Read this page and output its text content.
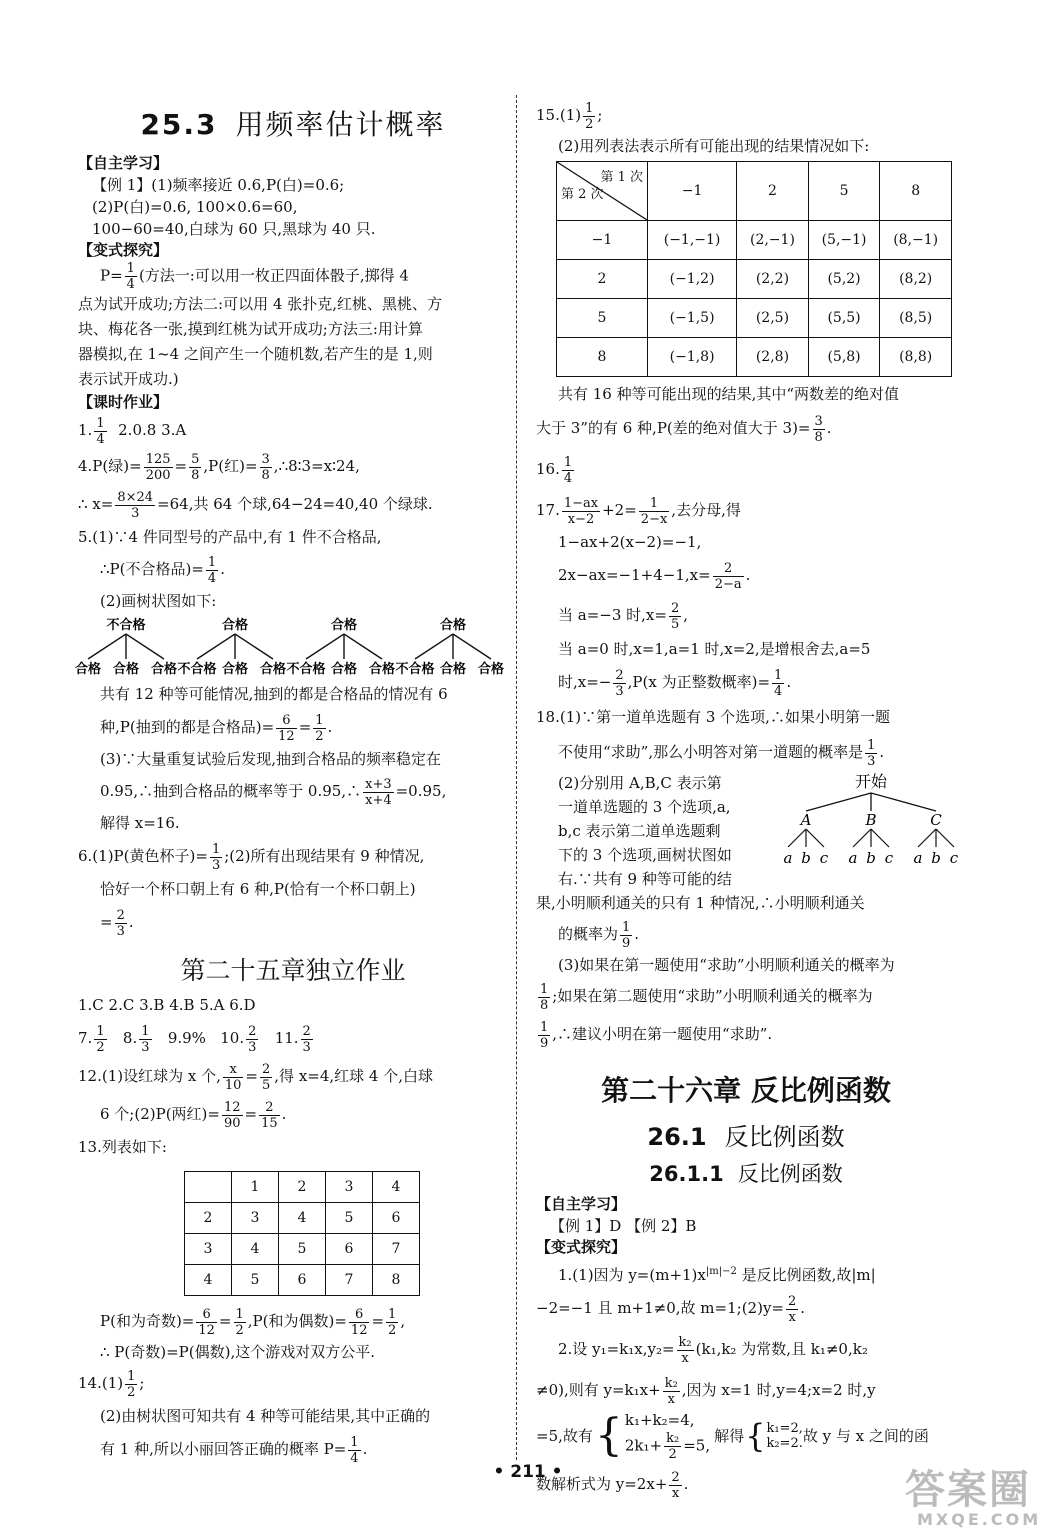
25.3 用频率估计概率
【自主学习】
【例 1】(1)频率接近 0.6,P(白)=0.6;
(2)P(白)=0.6, 100×0.6=60,
100−60=40,白球为 60 只,黑球为 40 只.
【变式探究】
$P= \frac{1}{4}$ (方法一:可以用一枚正四面体骰子,掷得 4
点为试开成功;方法二:可以用 4 张扑克,红桃、黑桃、方
块、梅花各一张,摸到红桃为试开成功;方法三:用计算
器模拟,在 1~4 之间产生一个随机数,若产生的是 1,则
表示试开成功.)
【课时作业】
1. $\frac{1}{4} 2.0.8$ 3.A
4.P(绿)= $\frac{125}{200} = \frac{5}{8} ,P$(红)= $\frac{3}{8}$ ,∴8∶3=x∶24,
∴ $x= \frac{8\times 24}{3} =64$,共 64 个球,64−24=40,40 个绿球.
5.(1)∵4 件同型号的产品中,有 1 件不合格品,
∴P(不合格品)= $\frac{1}{4}$ .
(2)画树状图如下:
不合格
合格 合格 合格
合格
不合格 合格 合格
合格
不合格 合格 合格
合格
不合格 合格 合格
共有 12 种等可能情况,抽到的都是合格品的情况有 6
种,P(抽到的都是合格品)= $\frac{6}{12} = \frac{1}{2}$ .
(3)∵大量重复试验后发现,抽到合格品的频率稳定在
0.95,∴抽到合格品的概率等于 0.95,∴ $\frac{x+3}{x+4} =0.95$,
解得 x=16.
6.(1)P(黄色杯子)= $\frac{1}{3}$ ;(2)所有出现结果有 9 种情况,
恰好一个杯口朝上有 6 种,P(恰有一个杯口朝上)
= $\frac{2}{3}$ .
第二十五章独立作业
1.C 2.C 3.B 4.B 5.A 6.D
7. $\frac{1}{2} 8$. $\frac{1}{3} 9.9\%$ 10. $\frac{2}{3} 11$. $\frac{2}{3}$
12.(1)设红球为 x 个, $\frac{x}{10} = \frac{2}{5}$ ,得 x=4,红球 4 个,白球
6 个;(2)P(两红)= $\frac{12}{90} = \frac{2}{15}$ .
13.列表如下:
	1	2	3	4
2	3	4	5	6
3	4	5	6	7
4	5	6	7	8
P(和为奇数)= $\frac{6}{12} = \frac{1}{2} ,P$(和为偶数)= $\frac{6}{12} = \frac{1}{2}$ ,
∴ P(奇数)=P(偶数),这个游戏对双方公平.
$14.(1) \frac{1}{2}$ ;
(2)由树状图可知共有 4 种等可能结果,其中正确的
有 1 种,所以小丽回答正确的概率 $P= \frac{1}{4}$ .
$15.(1) \frac{1}{2}$ ;
(2)用列表法表示所有可能出现的结果情况如下:
第 1 次
第 2 次	−1	2	5	8
−1	(−1,−1)	(2,−1)	(5,−1)	(8,−1)
2	(−1,2)	(2,2)	(5,2)	(8,2)
5	(−1,5)	(2,5)	(5,5)	(8,5)
8	(−1,8)	(2,8)	(5,8)	(8,8)
共有 16 种等可能出现的结果,其中“两数差的绝对值
大于 3”的有 6 种,P(差的绝对值大于 $3)= \frac{3}{8}$ .
16. $\frac{1}{4}$
17. $\frac{1-ax}{x-2} +2= \frac{1}{2-x}$ ,去分母,得
1−ax+2(x−2)=−1,
$2x-ax=-1+4-1,x= \frac{2}{2-a}$ .
当 a=−3 时$,x= \frac{2}{5}$ ,
当 a=0 时,x=1,a=1 时,x=2,是增根舍去,a=5
时$,x=- \frac{2}{3} ,P(x$ 为正整数概率)= $\frac{1}{4}$ .
18.(1)∵第一道单选题有 3 个选项,∴如果小明第一题
不使用“求助”,那么小明答对第一道题的概率是 $\frac{1}{3}$ .
(2)分别用 A,B,C 表示第
一道单选题的 3 个选项,a,
b,c 表示第二道单选题剩
下的 3 个选项,画树状图如
右.∵共有 9 种等可能的结
开始
A
a b c
B
a b c
C
a b c
果,小明顺利通关的只有 1 种情况,∴小明顺利通关
的概率为 $\frac{1}{9}$ .
(3)如果在第一题使用“求助”小明顺利通关的概率为
$\frac{1}{8}$ ;如果在第二题使用“求助”小明顺利通关的概率为
$\frac{1}{9}$ ,∴建议小明在第一题使用“求助”.
第二十六章 反比例函数
26.1 反比例函数
26.1.1 反比例函数
【自主学习】
【例 1】D 【例 2】B
【变式探究】
1.(1)因为 $y=(m+1)x^{|m|-2}$ 是反比例函数,故|m|
−2=−1 且 m+1≠0,故 m=1;(2)y= $\frac{2}{x}$ .
2.设 $y_1=k_1x,y_2= \frac{\text{k₂}}{x} (k_1,k_2$ 为常数,且 k₁≠0,k₂
≠0),则有 $y=k_1x+ \frac{\text{k₂}}{x}$ ,因为 x=1 时,y=4;x=2 时,y
=5,故有 { k₁+k₂=4,
$2k_1+ \frac{\text{k₂}}{2} =5$,
解得 { k₁=2,
k₂=2. 故 y 与 x 之间的函
数解析式为 $y=2x+ \frac{2}{x}$ .
• 211 •	答案圈
MXQE.COM
